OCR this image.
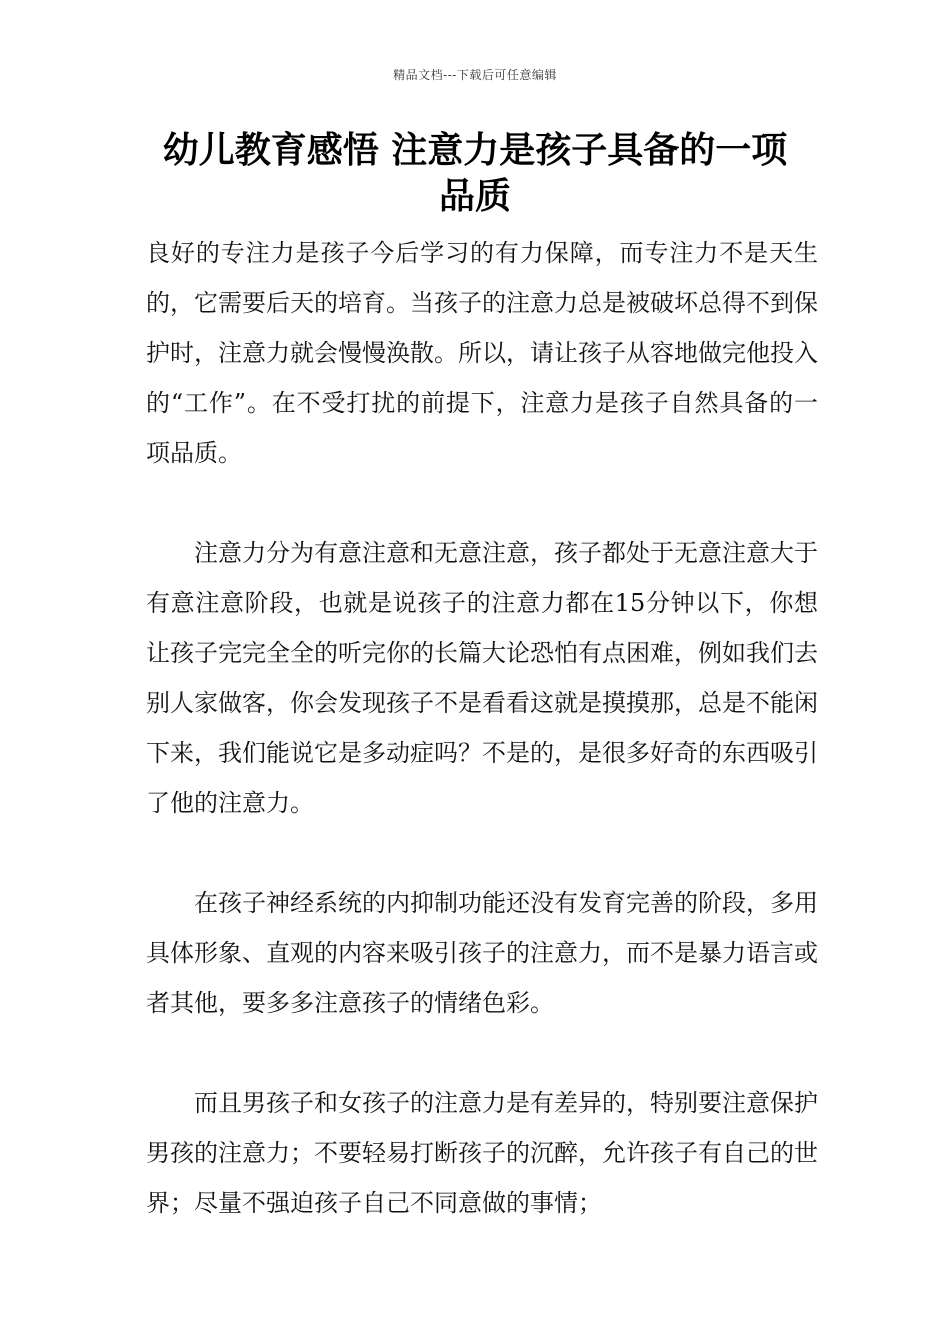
精品文档---下载后可任意编辑
幼儿教育感悟 注意力是孩子具备的一项品质

良好的专注力是孩子今后学习的有力保障，而专注力不是天生的，它需要后天的培育。当孩子的注意力总是被破坏总得不到保护时，注意力就会慢慢涣散。所以，请让孩子从容地做完他投入的“工作”。在不受打扰的前提下，注意力是孩子自然具备的一项品质。

注意力分为有意注意和无意注意，孩子都处于无意注意大于有意注意阶段，也就是说孩子的注意力都在15分钟以下，你想让孩子完完全全的听完你的长篇大论恐怕有点困难，例如我们去别人家做客，你会发现孩子不是看看这就是摸摸那，总是不能闲下来，我们能说它是多动症吗？不是的，是很多好奇的东西吸引了他的注意力。

在孩子神经系统的内抑制功能还没有发育完善的阶段，多用具体形象、直观的内容来吸引孩子的注意力，而不是暴力语言或者其他，要多多注意孩子的情绪色彩。

而且男孩子和女孩子的注意力是有差异的，特别要注意保护男孩的注意力；不要轻易打断孩子的沉醉，允许孩子有自己的世界；尽量不强迫孩子自己不同意做的事情；
